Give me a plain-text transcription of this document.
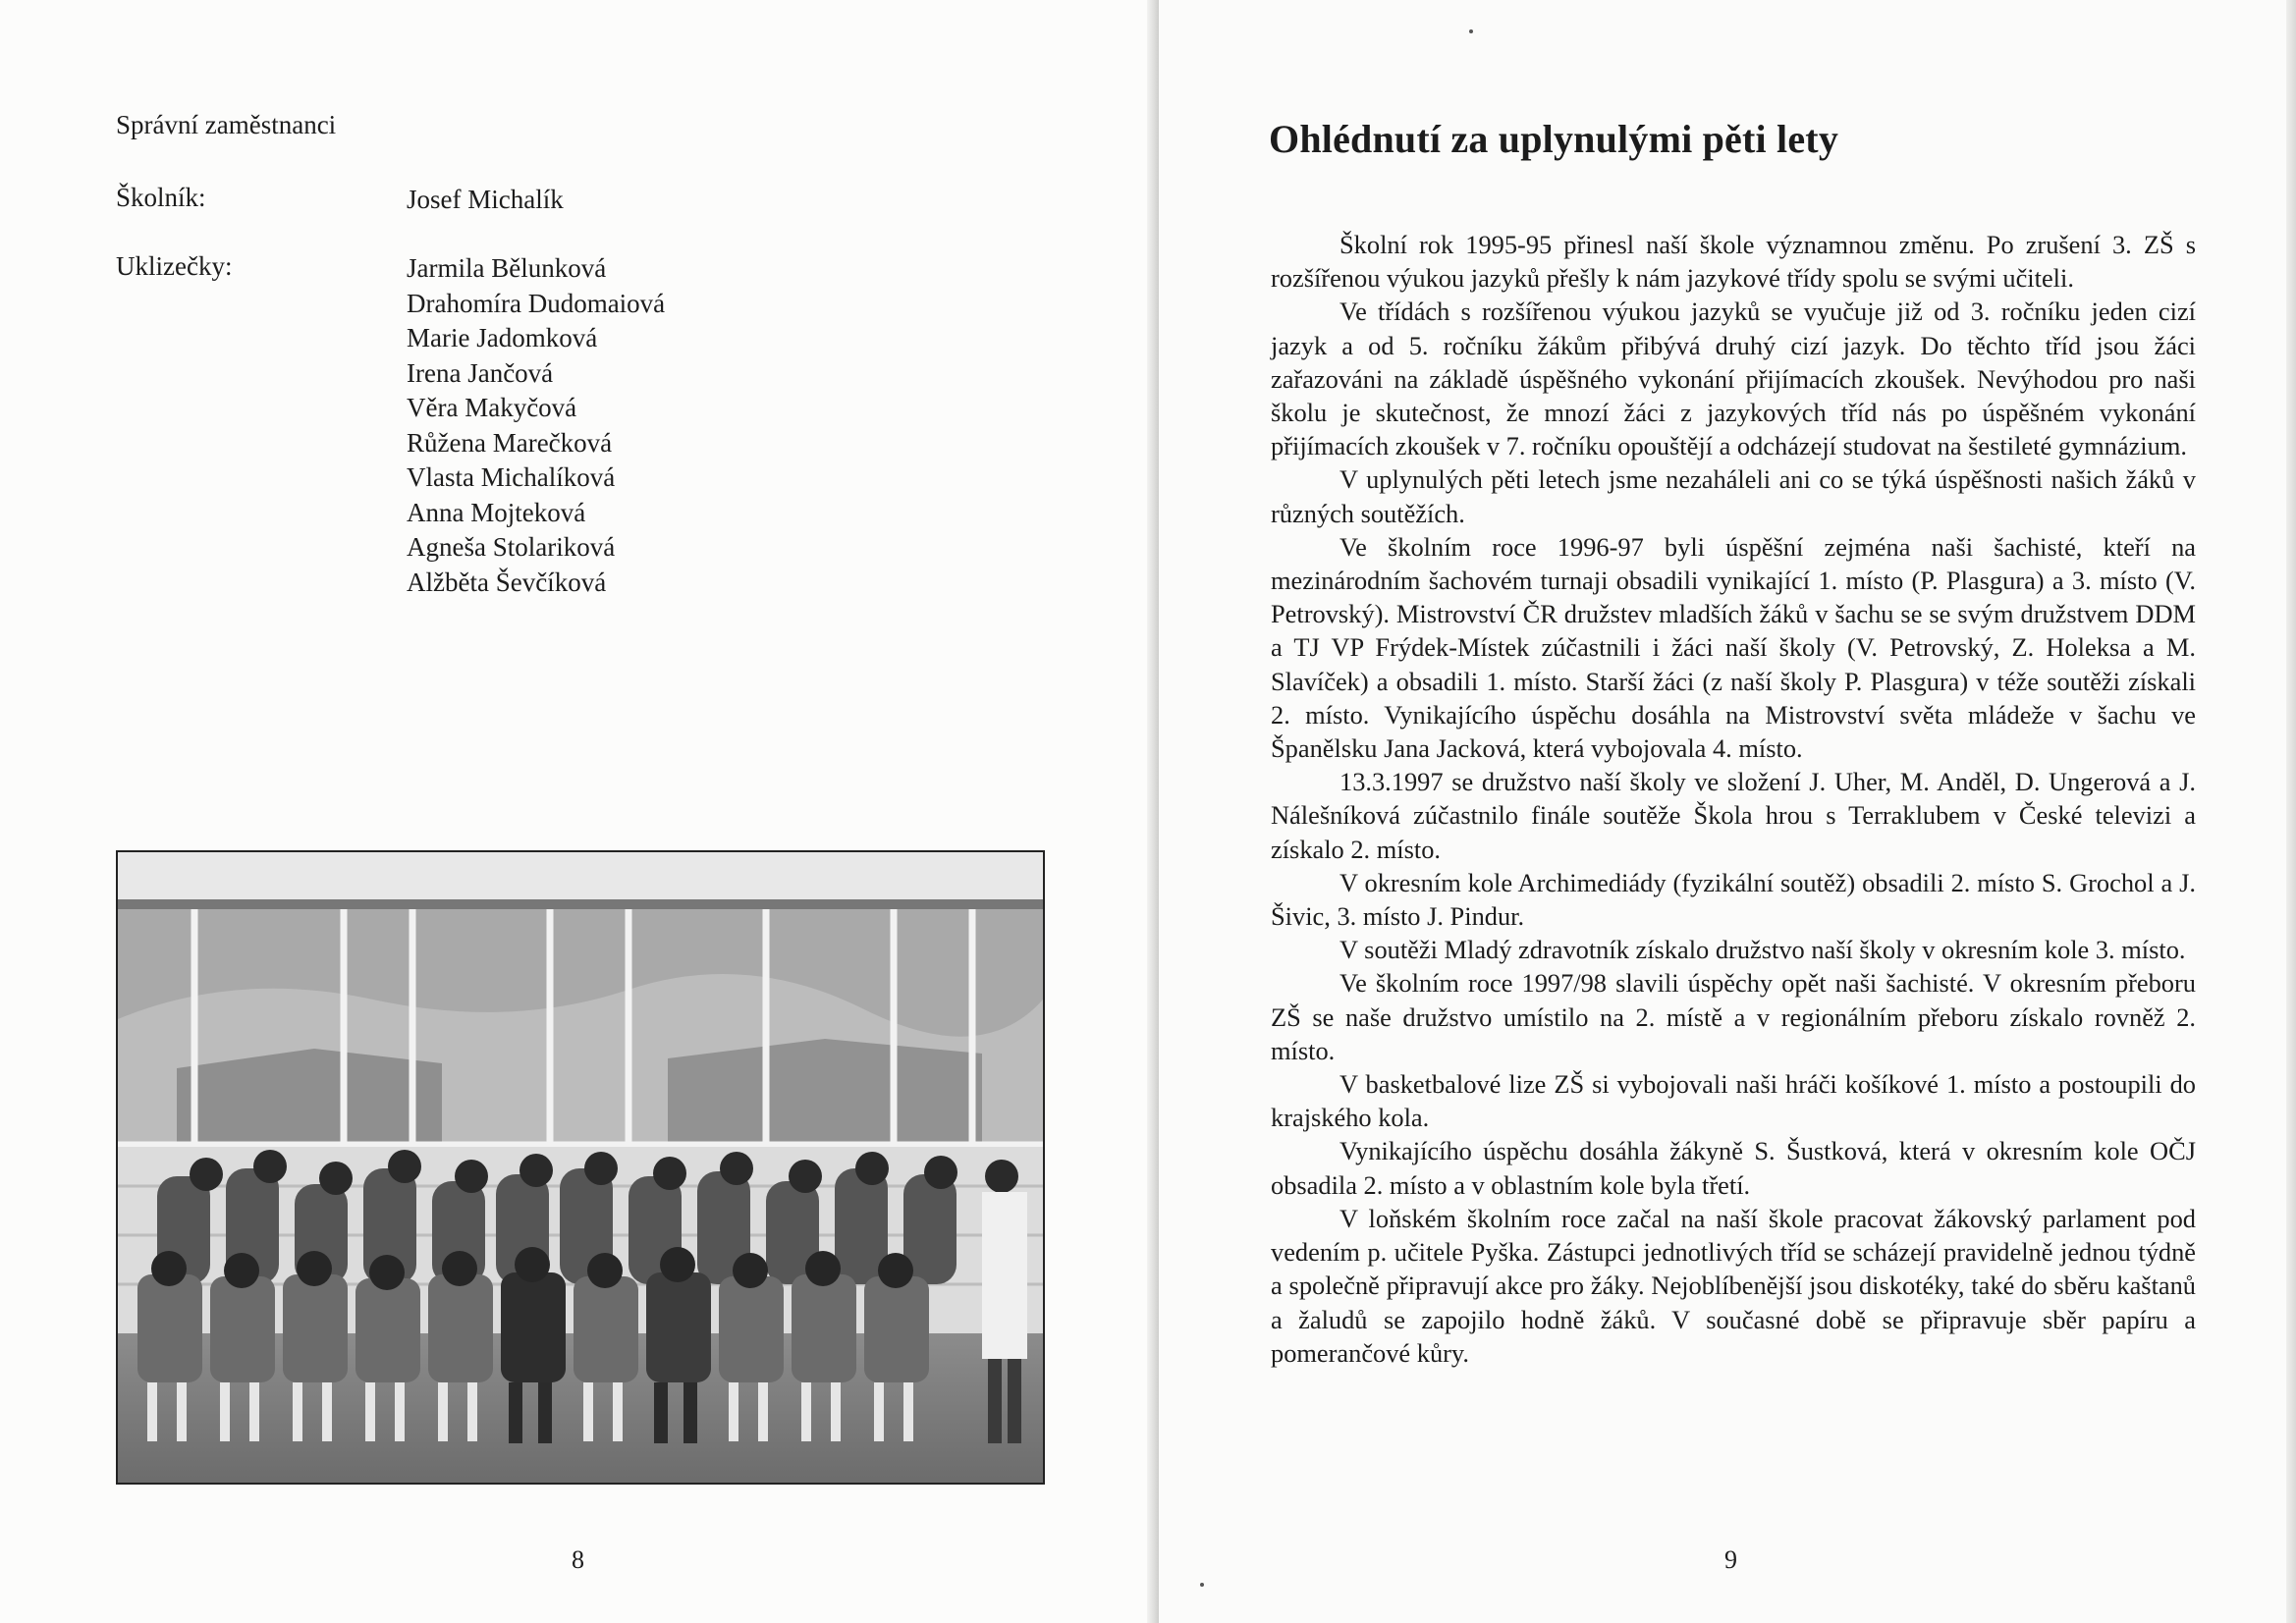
Správní zaměstnanci
Školník:	Josef Michalík
Uklizečky:	Jarmila Bělunková
Drahomíra Dudomaiová
Marie Jadomková
Irena Jančová
Věra Makyčová
Růžena Marečková
Vlasta Michalíková
Anna Mojteková
Agneša Stolariková
Alžběta Ševčíková
8
Ohlédnutí za uplynulými pěti lety

Školní rok 1995-95 přinesl naší škole významnou změnu. Po zrušení 3. ZŠ s rozšířenou výukou jazyků přešly k nám jazykové třídy spolu se svými učiteli.

Ve třídách s rozšířenou výukou jazyků se vyučuje již od 3. ročníku jeden cizí jazyk a od 5. ročníku žákům přibývá druhý cizí jazyk. Do těchto tříd jsou žáci zařazováni na základě úspěšného vykonání přijímacích zkoušek. Nevýhodou pro naši školu je skutečnost, že mnozí žáci z jazykových tříd nás po úspěšném vykonání přijímacích zkoušek v 7. ročníku opouštějí a odcházejí studovat na šestileté gymnázium.

V uplynulých pěti letech jsme nezaháleli ani co se týká úspěšnosti našich žáků v různých soutěžích.

Ve školním roce 1996-97 byli úspěšní zejména naši šachisté, kteří na mezinárodním šachovém turnaji obsadili vynikající 1. místo (P. Plasgura) a 3. místo (V. Petrovský). Mistrovství ČR družstev mladších žáků v šachu se se svým družstvem DDM a TJ VP Frýdek-Místek zúčastnili i žáci naší školy (V. Petrovský, Z. Holeksa a M. Slavíček) a obsadili 1. místo. Starší žáci (z naší školy P. Plasgura) v téže soutěži získali 2. místo. Vynikajícího úspěchu dosáhla na Mistrovství světa mládeže v šachu ve Španělsku Jana Jacková, která vybojovala 4. místo.

13.3.1997 se družstvo naší školy ve složení J. Uher, M. Anděl, D. Ungerová a J. Nálešníková zúčastnilo finále soutěže Škola hrou s Terraklubem v České televizi a získalo 2. místo.

V okresním kole Archimediády (fyzikální soutěž) obsadili 2. místo S. Grochol a J. Šivic, 3. místo J. Pindur.

V soutěži Mladý zdravotník získalo družstvo naší školy v okresním kole 3. místo.

Ve školním roce 1997/98 slavili úspěchy opět naši šachisté. V okresním přeboru ZŠ se naše družstvo umístilo na 2. místě a v regionálním přeboru získalo rovněž 2. místo.

V basketbalové lize ZŠ si vybojovali naši hráči košíkové 1. místo a postoupili do krajského kola.

Vynikajícího úspěchu dosáhla žákyně S. Šustková, která v okresním kole OČJ obsadila 2. místo a v oblastním kole byla třetí.

V loňském školním roce začal na naší škole pracovat žákovský parlament pod vedením p. učitele Pyška. Zástupci jednotlivých tříd se scházejí pravidelně jednou týdně a společně připravují akce pro žáky. Nejoblíbenější jsou diskotéky, také do sběru kaštanů a žaludů se zapojilo hodně žáků. V současné době se připravuje sběr papíru a pomerančové kůry.

9
